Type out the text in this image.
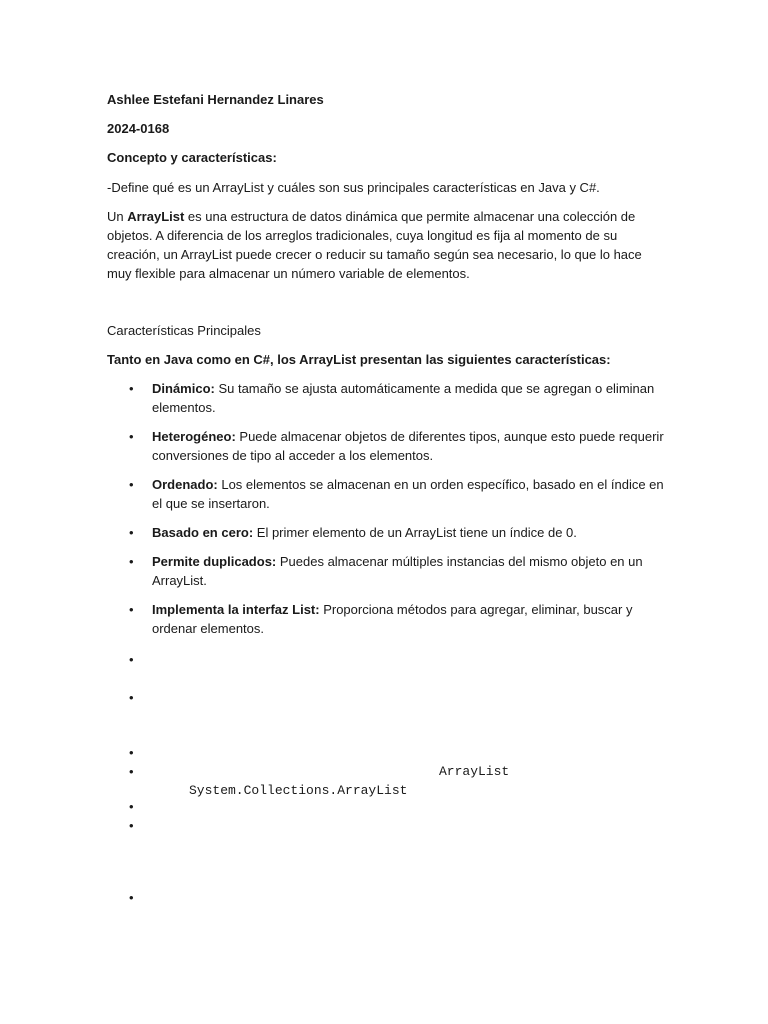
Ashlee Estefani Hernandez Linares

2024-0168

Concepto y características:

-Define qué es un ArrayList y cuáles son sus principales características en Java y C#.

Un ArrayList es una estructura de datos dinámica que permite almacenar una colección de objetos. A diferencia de los arreglos tradicionales, cuya longitud es fija al momento de su creación, un ArrayList puede crecer o reducir su tamaño según sea necesario, lo que lo hace muy flexible para almacenar un número variable de elementos.

Características Principales

Tanto en Java como en C#, los ArrayList presentan las siguientes características:

• Dinámico: Su tamaño se ajusta automáticamente a medida que se agregan o eliminan elementos.

• Heterogéneo: Puede almacenar objetos de diferentes tipos, aunque esto puede requerir conversiones de tipo al acceder a los elementos.

• Ordenado: Los elementos se almacenan en un orden específico, basado en el índice en el que se insertaron.

• Basado en cero: El primer elemento de un ArrayList tiene un índice de 0.

• Permite duplicados: Puedes almacenar múltiples instancias del mismo objeto en un ArrayList.

• Implementa la interfaz List: Proporciona métodos para agregar, eliminar, buscar y ordenar elementos.

•
•
•
•	ArrayList
System.Collections.ArrayList
•
•
•
